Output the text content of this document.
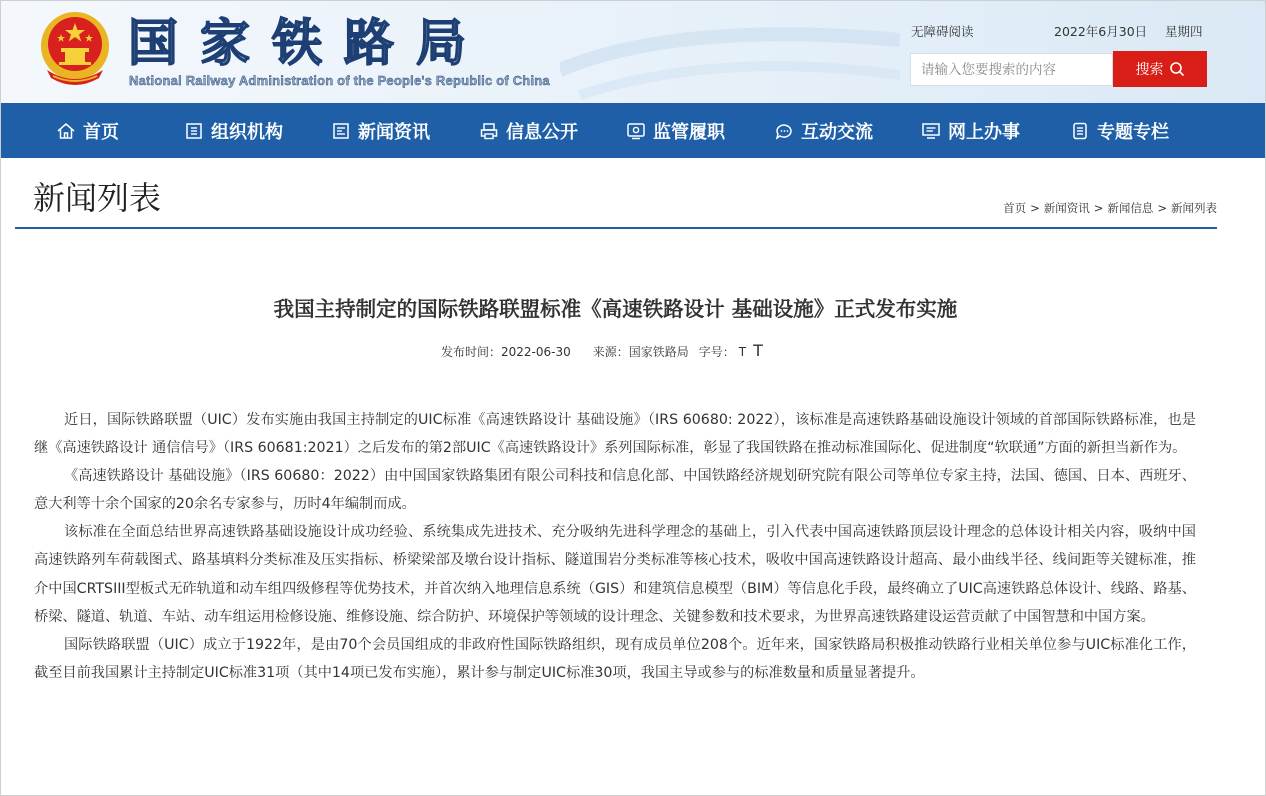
国家铁路局
National Railway Administration of the People's Republic of China
无障碍阅读	2022年6月30日 星期四
请输入您要搜索的内容
搜索
首页	组织机构	新闻资讯	信息公开	监管履职	互动交流	网上办事	专题专栏
新闻列表	首页 > 新闻资讯 > 新闻信息 > 新闻列表
我国主持制定的国际铁路联盟标准《高速铁路设计 基础设施》正式发布实施
发布时间：2022-06-30 来源：国家铁路局 字号： T T

近日，国际铁路联盟（UIC）发布实施由我国主持制定的UIC标准《高速铁路设计 基础设施》（IRS 60680: 2022），该标准是高速铁路基础设施设计领域的首部国际铁路标准，也是继《高速铁路设计 通信信号》（IRS 60681:2021）之后发布的第2部UIC《高速铁路设计》系列国际标准，彰显了我国铁路在推动标准国际化、促进制度“软联通”方面的新担当新作为。

《高速铁路设计 基础设施》（IRS 60680：2022）由中国国家铁路集团有限公司科技和信息化部、中国铁路经济规划研究院有限公司等单位专家主持，法国、德国、日本、西班牙、意大利等十余个国家的20余名专家参与，历时4年编制而成。

该标准在全面总结世界高速铁路基础设施设计成功经验、系统集成先进技术、充分吸纳先进科学理念的基础上，引入代表中国高速铁路顶层设计理念的总体设计相关内容，吸纳中国高速铁路列车荷载图式、路基填料分类标准及压实指标、桥梁梁部及墩台设计指标、隧道围岩分类标准等核心技术，吸收中国高速铁路设计超高、最小曲线半径、线间距等关键标准，推介中国CRTSIII型板式无砟轨道和动车组四级修程等优势技术，并首次纳入地理信息系统（GIS）和建筑信息模型（BIM）等信息化手段，最终确立了UIC高速铁路总体设计、线路、路基、桥梁、隧道、轨道、车站、动车组运用检修设施、维修设施、综合防护、环境保护等领域的设计理念、关键参数和技术要求，为世界高速铁路建设运营贡献了中国智慧和中国方案。

国际铁路联盟（UIC）成立于1922年，是由70个会员国组成的非政府性国际铁路组织，现有成员单位208个。近年来，国家铁路局积极推动铁路行业相关单位参与UIC标准化工作，截至目前我国累计主持制定UIC标准31项（其中14项已发布实施），累计参与制定UIC标准30项，我国主导或参与的标准数量和质量显著提升。
